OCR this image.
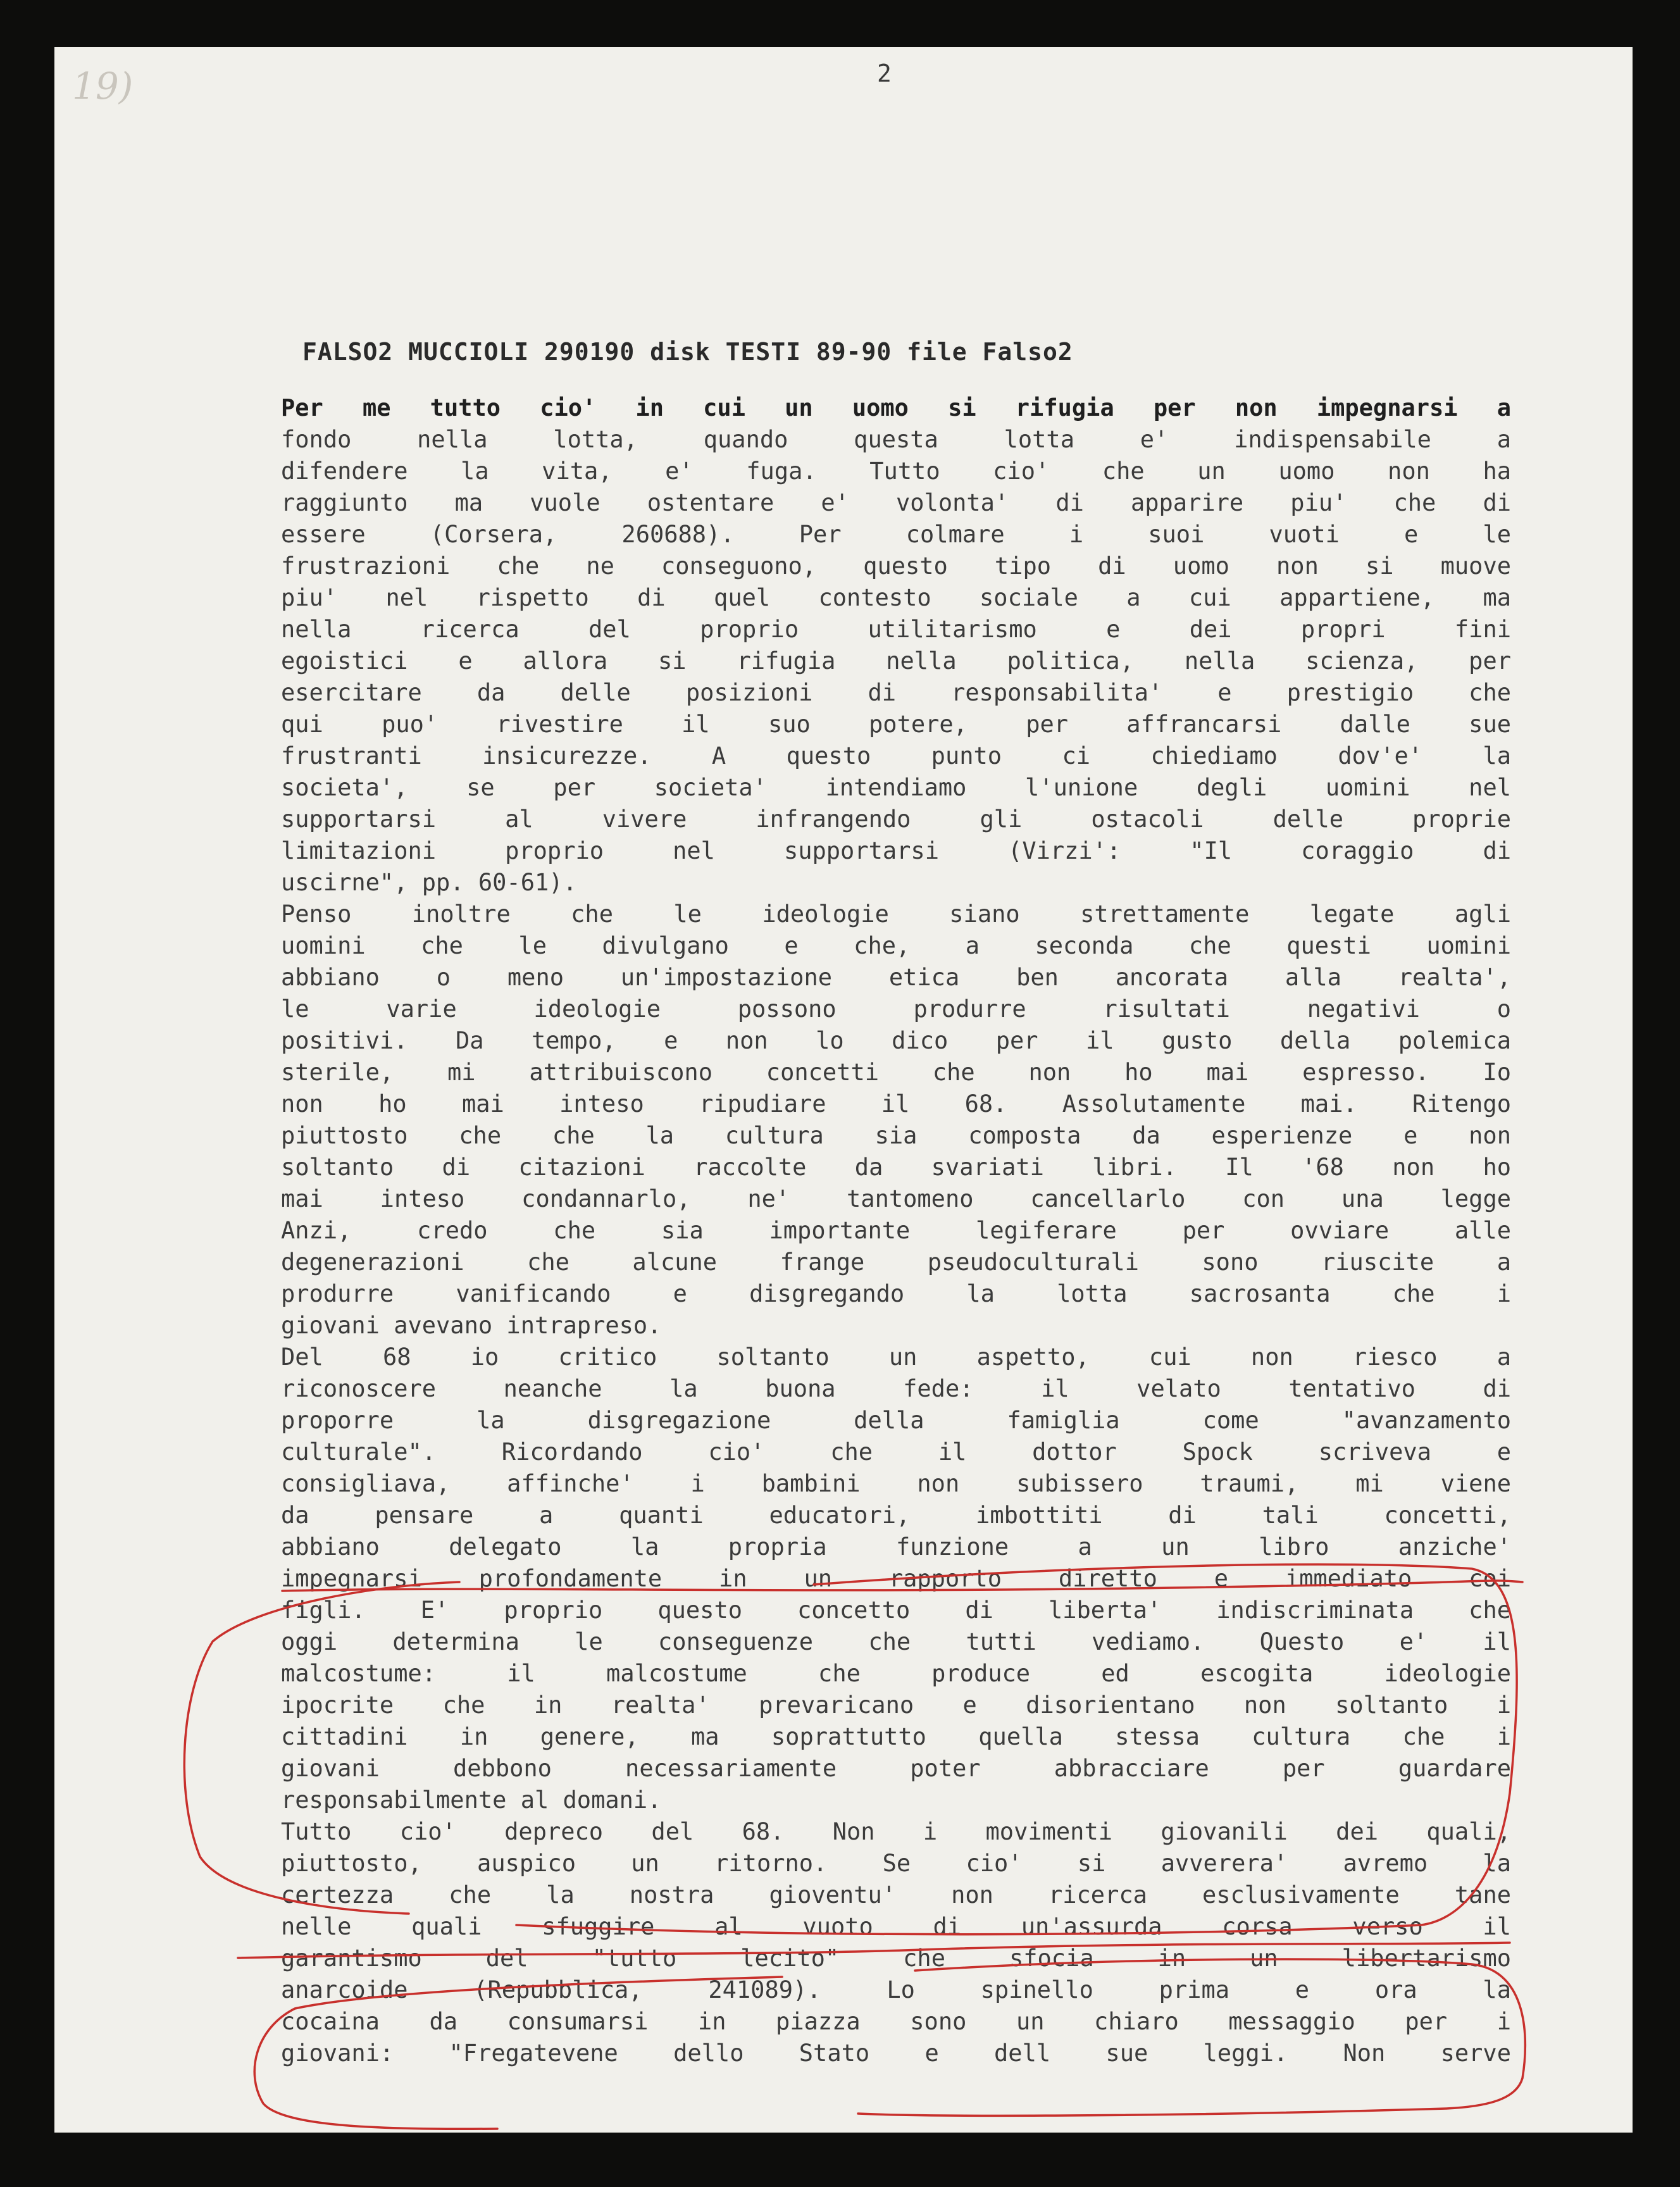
19)	2
FALSO2 MUCCIOLI 290190 disk TESTI 89-90 file Falso2
Per me tutto cio' in cui un uomo si rifugia per non impegnarsi a
fondo nella lotta, quando questa lotta e' indispensabile a
difendere la vita, e' fuga. Tutto cio' che un uomo non ha
raggiunto ma vuole ostentare e' volonta' di apparire piu' che di
essere (Corsera, 260688). Per colmare i suoi vuoti e le
frustrazioni che ne conseguono, questo tipo di uomo non si muove
piu' nel rispetto di quel contesto sociale a cui appartiene, ma
nella ricerca del proprio utilitarismo e dei propri fini
egoistici e allora si rifugia nella politica, nella scienza, per
esercitare da delle posizioni di responsabilita' e prestigio che
qui puo' rivestire il suo potere, per affrancarsi dalle sue
frustranti insicurezze. A questo punto ci chiediamo dov'e' la
societa', se per societa' intendiamo l'unione degli uomini nel
supportarsi al vivere infrangendo gli ostacoli delle proprie
limitazioni proprio nel supportarsi (Virzi': "Il coraggio di
uscirne", pp. 60-61).
Penso inoltre che le ideologie siano strettamente legate agli
uomini che le divulgano e che, a seconda che questi uomini
abbiano o meno un'impostazione etica ben ancorata alla realta',
le varie ideologie possono produrre risultati negativi o
positivi. Da tempo, e non lo dico per il gusto della polemica
sterile, mi attribuiscono concetti che non ho mai espresso. Io
non ho mai inteso ripudiare il 68. Assolutamente mai. Ritengo
piuttosto che che la cultura sia composta da esperienze e non
soltanto di citazioni raccolte da svariati libri. Il '68 non ho
mai inteso condannarlo, ne' tantomeno cancellarlo con una legge
Anzi, credo che sia importante legiferare per ovviare alle
degenerazioni che alcune frange pseudoculturali sono riuscite a
produrre vanificando e disgregando la lotta sacrosanta che i
giovani avevano intrapreso.
Del 68 io critico soltanto un aspetto, cui non riesco a
riconoscere neanche la buona fede: il velato tentativo di
proporre la disgregazione della famiglia come "avanzamento
culturale". Ricordando cio' che il dottor Spock scriveva e
consigliava, affinche' i bambini non subissero traumi, mi viene
da pensare a quanti educatori, imbottiti di tali concetti,
abbiano delegato la propria funzione a un libro anziche'
impegnarsi profondamente in un rapporto diretto e immediato coi
figli. E' proprio questo concetto di liberta' indiscriminata che
oggi determina le conseguenze che tutti vediamo. Questo e' il
malcostume: il malcostume che produce ed escogita ideologie
ipocrite che in realta' prevaricano e disorientano non soltanto i
cittadini in genere, ma soprattutto quella stessa cultura che i
giovani debbono necessariamente poter abbracciare per guardare
responsabilmente al domani.
Tutto cio' depreco del 68. Non i movimenti giovanili dei quali,
piuttosto, auspico un ritorno. Se cio' si avverera' avremo la
certezza che la nostra gioventu' non ricerca esclusivamente tane
nelle quali sfuggire al vuoto di un'assurda corsa verso il
garantismo del "tutto lecito" che sfocia in un libertarismo
anarcoide (Repubblica, 241089). Lo spinello prima e ora la
cocaina da consumarsi in piazza sono un chiaro messaggio per i
giovani: "Fregatevene dello Stato e dell sue leggi. Non serve
